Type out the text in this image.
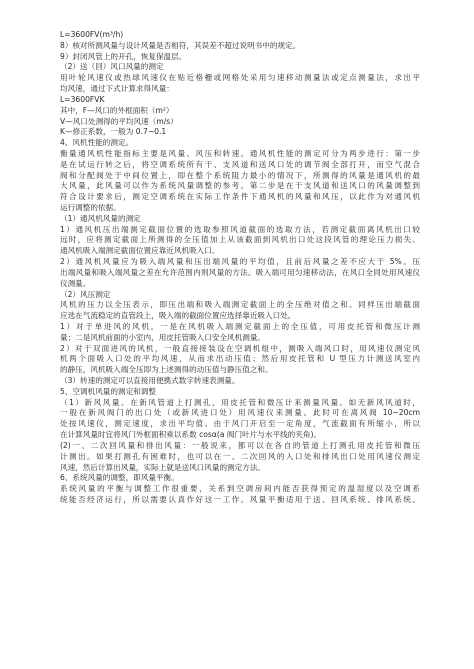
L=3600FV(m³/h)
8）核对所测风量与设计风量是否相符，其误差不超过说明书中的规定。
9）封闭风管上的开孔，恢复保温层。
（2）送（回）风口风量的测定
用叶轮风速仪或热球风速仪在贴近格栅或网格处采用匀速移动测量法或定点测量法，求出平
均风速，通过下式计算求得风量：
L=3600FVK
其中，F—风口的外框面积（m²）
V—风口处测得的平均风速（m/s）
K—修正系数，一般为 0.7~0.1
4、风机性能的测定。
衡量通风机性能指标主要是风量、风压和转速。通风机性能的测定可分为两步进行：第一步
是在试运行转之后，将空调系统所有干、支风道和送风口处的调节阀全部打开，而空气混合
阀和分配阀处于中间位置上，即在整个系统阻力最小的情况下，所测得的风量是通风机的最
大风量，此风量可以作为系统风量调整的参考。第二步是在干支风道和送风口的风量调整到
符合设计要求后，测定空调系统在实际工作条件下通风机的风量和风压，以此作为对通风机
运行调整的依据。
（1）通风机风量的测定
1）通风机压出端测定截面位置的选取参照风道截面的选取方法，若测定截面离风机出口较
远时，应将测定截面上所测得的全压值加上从该截面到风机出口处这段风管的理论压力损失。
通风机吸入端测定截面位置应靠近风机吸入口。
2）通风机风量应为吸入端风量和压出端风量的平均值，且前后风量之差不应大于 5%。压
出端风量和吸入端风量之差在允许范围内则风量的方法。吸入端可用匀速移动法，在风口全同处用风速仪
仪测量。
（2）风压测定
风机的压力以全压表示，即压出端和吸入端测定截面上的全压绝对值之和。同样压出端截面
应选在气流稳定的直管段上，吸入端的截面位置应选择靠近吸入口处。
1）对于单进风的风机，一是在风机吸入端测定截面上的全压值，可用皮托管和微压计测
量；二是风机前面的小室内，用皮托管吸入口安全风机测量。
2）对于双面进风的风机，一般直接接装设在空调机组中，测吸入端风口时，用风速仪测定风
机两个面吸入口处的平均风速，从而求出动压值；然后用皮托管和 U 型压力计测送风室内
的静压，风机吸入端全压即为上述测得的动压值与静压值之和。
（3）转速的测定可以直接用便携式数字转速表测量。
5、空调机风量的测定和调整
（1）新风风量。在新风管道上打测孔，用皮托管和微压计来测量风量。如无新风风道时，
一般在新风阀门的出口处（或新风进口处）用风速仪来测量。此时可在离风阀 10~20cm
处按风速仪，测定速度，求出平均值。由于风门开启至一定角度，气流截面有所缩小，所以
在计算风量时宜将风门外框面积乘以系数 cosα(a 阀门叶片与水平线的夹角)。
(2)一、二次回风量和排出风量：一般说来，都可以在各自的管道上打测孔用皮托管和微压
计测出。如果打测孔有困难时，也可以在一、二次回风的入口处和排风出口处用风速仪测定
风速，然后计算出风量，实际上就是送风口风量的测定方法。
6、系统风量的调整，即风量平衡。
系统风量的平衡与调整工作很重要，关系到空调房间内能否获得预定的温湿度以及空调系
统能否经济运行，所以需要认真作好这一工作。风量平衡适用于送、回风系统、排风系统。
